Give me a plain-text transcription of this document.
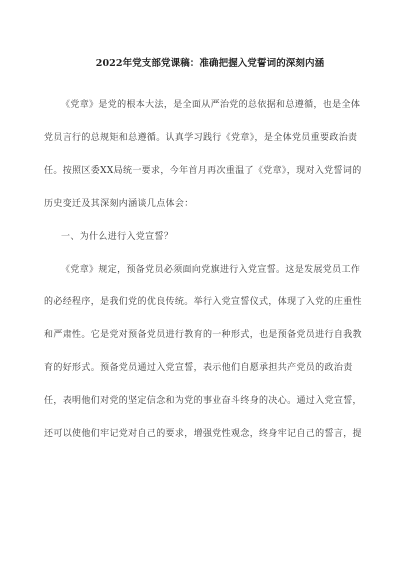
2022年党支部党课稿：准确把握入党誓词的深刻内涵
《党章》是党的根本大法，是全面从严治党的总依据和总遵循，也是全体
党员言行的总规矩和总遵循。认真学习践行《党章》，是全体党员重要政治责
任。按照区委XX局统一要求，今年首月再次重温了《党章》，现对入党誓词的
历史变迁及其深刻内涵谈几点体会：
一、为什么进行入党宣誓？
《党章》规定，预备党员必须面向党旗进行入党宣誓。这是发展党员工作
的必经程序，是我们党的优良传统。举行入党宣誓仪式，体现了入党的庄重性
和严肃性。它是党对预备党员进行教育的一种形式，也是预备党员进行自我教
育的好形式。预备党员通过入党宣誓，表示他们自愿承担共产党员的政治责
任，表明他们对党的坚定信念和为党的事业奋斗终身的决心。通过入党宣誓，
还可以使他们牢记党对自己的要求，增强党性观念，终身牢记自己的誓言，提
